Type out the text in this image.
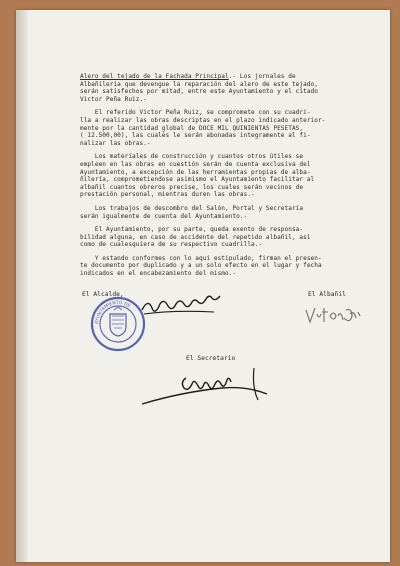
Alero del tejado de la Fachada Principal.- Los jornales de
Albañilería que devengue la reparación del alero de este tejado,
serán satisfechos por mitad, entre este Ayuntamiento y el citado
Victor Peña Ruiz.-
El referido Victor Peña Ruiz, se compromete con su cuadri-
lla a realizar las obras descriptas en el plazo indicado anterior-
mente por la cantidad global de DOCE MIL QUINIENTAS PESETAS,
( 12.500,00), las cuales le serán abonadas integramente al fi-
nalizar las obras.-
Los materiales de construcción y cuantos otros útiles se
empleen en las obras en cuestión serán de cuenta exclusiva del
Ayuntamiento, a excepción de las herramientas propias de alba-
ñilería, comprometiendose asimismo el Ayuntamiento facilitar al
albañil cuantos obreros precise, los cuales serán vecinos de
prestación personal, mientras duren las obras.-
Los trabajos de descombro del Salón, Portal y Secretaría
serán igualmente de cuenta del Ayuntamiento.-
El Ayuntamiento, por su parte, queda exento de responsa-
bilidad alguna, en caso de accidente del repetido albañil, asi
como de cualesquiera de su respectivo cuadrilla.-
Y estando conformes con lo aqui estipulado, firman el presen-
te documento por duplicado y a un solo efecto en el lugar y fecha
indicados en el encabezamiento del mismo.-
El Alcalde,	El Albañil
El Secretario
AYUNTAMIENTO DE
